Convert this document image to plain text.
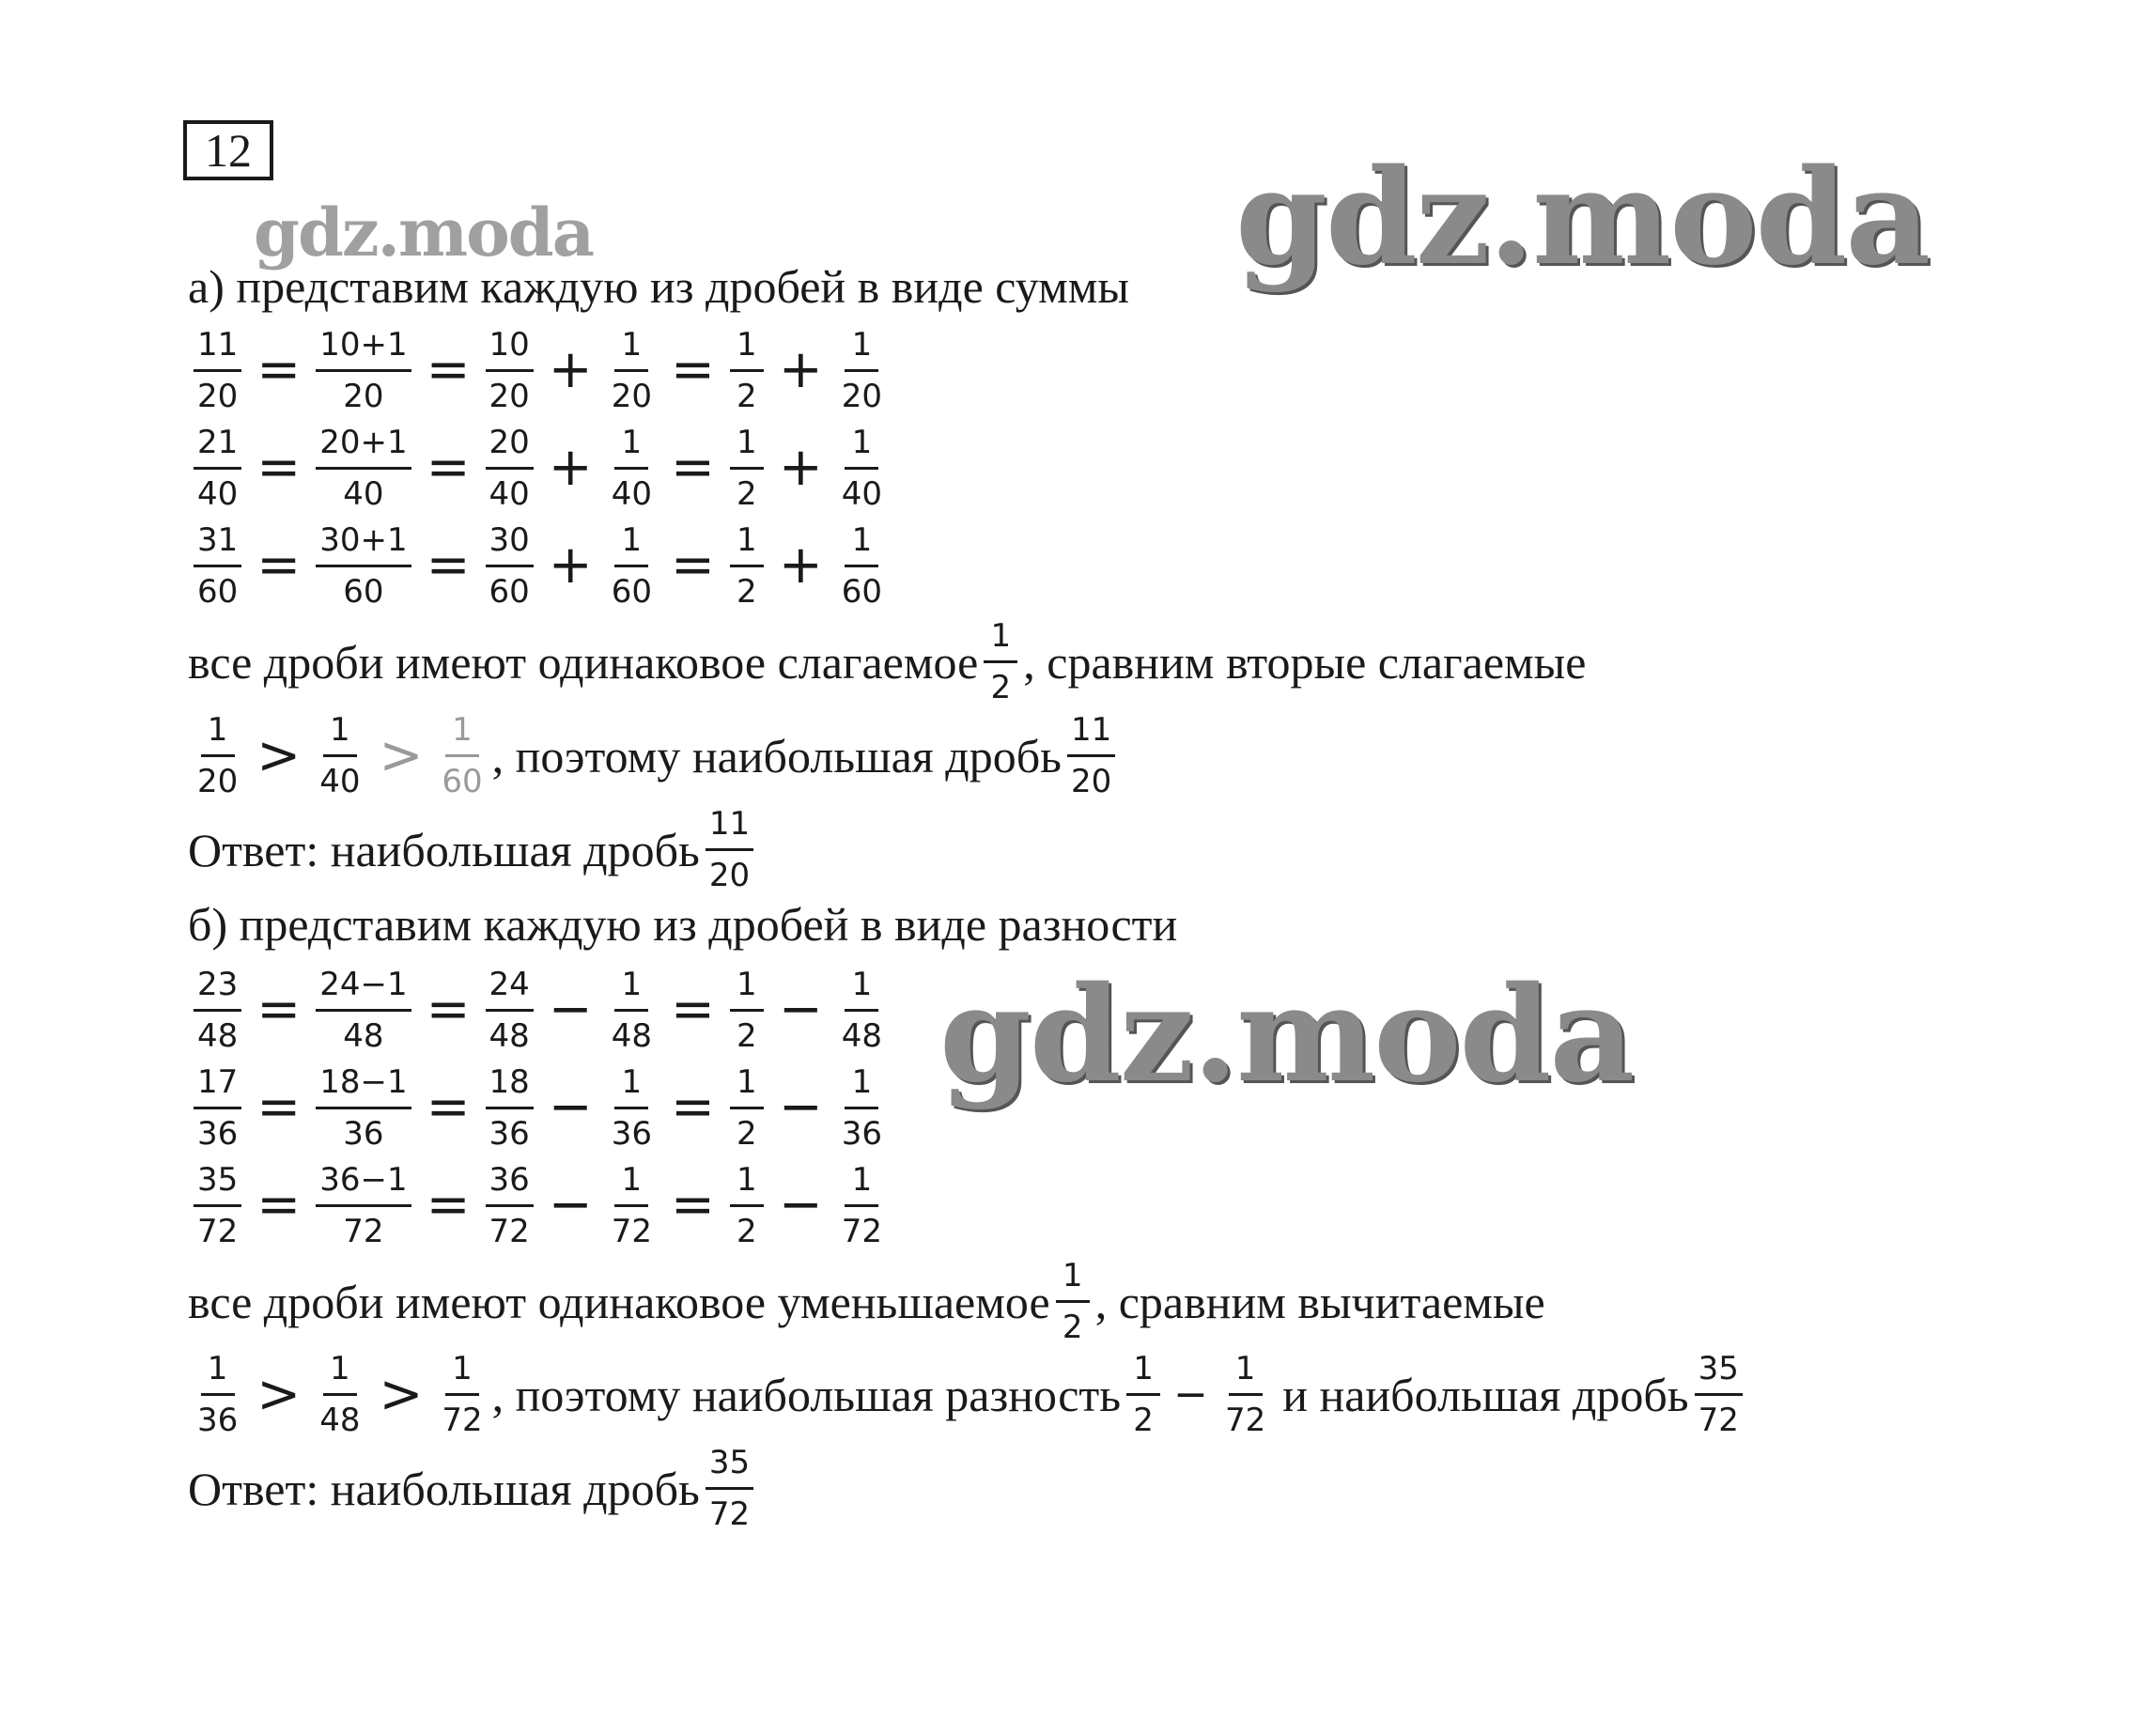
12
gdz.moda	gdz.moda
gdz.moda
а) представим каждую из дробей в виде суммы
$\frac{11}{20} = \frac{10+1}{20} = \frac{10}{20} + \frac{1}{20} = \frac{1}{2} + \frac{1}{20}$
$\frac{21}{40} = \frac{20+1}{40} = \frac{20}{40} + \frac{1}{40} = \frac{1}{2} + \frac{1}{40}$
$\frac{31}{60} = \frac{30+1}{60} = \frac{30}{60} + \frac{1}{60} = \frac{1}{2} + \frac{1}{60}$
все дроби имеют одинаковое слагаемое $\frac{1}{2}$ , сравним вторые слагаемые
$\frac{1}{20} > \frac{1}{40} > \frac{1}{60}$ , поэтому наибольшая дробь $\frac{11}{20}$
Ответ: наибольшая дробь $\frac{11}{20}$
б) представим каждую из дробей в виде разности
$\frac{23}{48} = \frac{24-1}{48} = \frac{24}{48} - \frac{1}{48} = \frac{1}{2} - \frac{1}{48}$
$\frac{17}{36} = \frac{18-1}{36} = \frac{18}{36} - \frac{1}{36} = \frac{1}{2} - \frac{1}{36}$
$\frac{35}{72} = \frac{36-1}{72} = \frac{36}{72} - \frac{1}{72} = \frac{1}{2} - \frac{1}{72}$
все дроби имеют одинаковое уменьшаемое $\frac{1}{2}$ , сравним вычитаемые
$\frac{1}{36} > \frac{1}{48} > \frac{1}{72}$ , поэтому наибольшая разность $\frac{1}{2} - \frac{1}{72}$ и наибольшая дробь $\frac{35}{72}$
Ответ: наибольшая дробь $\frac{35}{72}$
